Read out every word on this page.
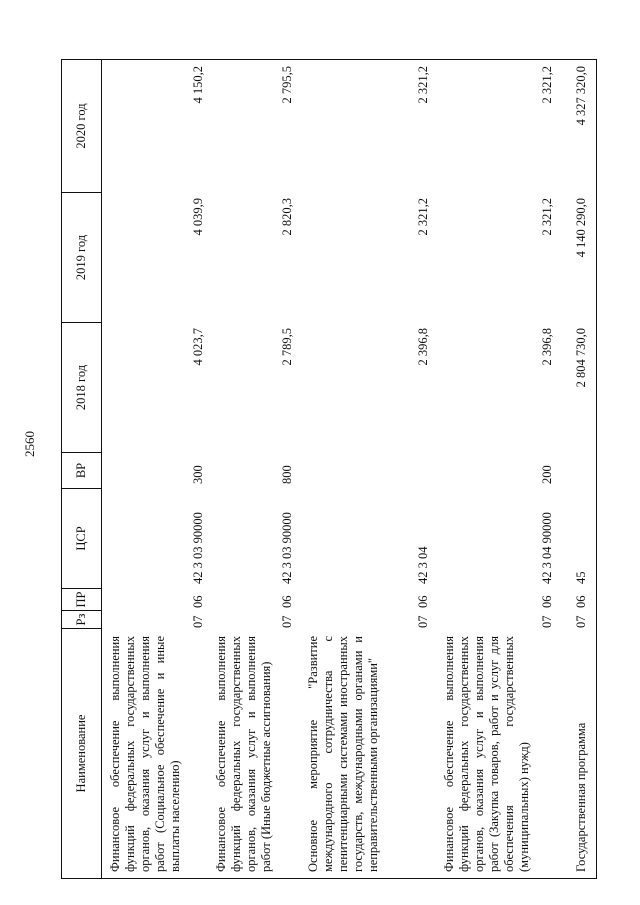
2560
Наименование
Рз
ПР
ЦСР
ВР
2018 год
2019 год
2020 год
Финансовое обеспечение выполнения функций федеральных государственных органов, оказания услуг и выполнения работ (Социальное обеспечение и иные выплаты населению)
07
06
42 3 03 90000
300
4 023,7
4 039,9
4 150,2
Финансовое обеспечение выполнения функций федеральных государственных органов, оказания услуг и выполнения работ (Иные бюджетные ассигнования)
07
06
42 3 03 90000
800
2 789,5
2 820,3
2 795,5
Основное мероприятие "Развитие международного сотрудничества с пенитенциарными системами иностранных государств, международными органами и неправительственными организациями"
07
06
42 3 04
2 396,8
2 321,2
2 321,2
Финансовое обеспечение выполнения функций федеральных государственных органов, оказания услуг и выполнения работ (Закупка товаров, работ и услуг для обеспечения государственных (муниципальных) нужд)
07
06
42 3 04 90000
200
2 396,8
2 321,2
2 321,2
Государственная программа
07
06
45
2 804 730,0
4 140 290,0
4 327 320,0
